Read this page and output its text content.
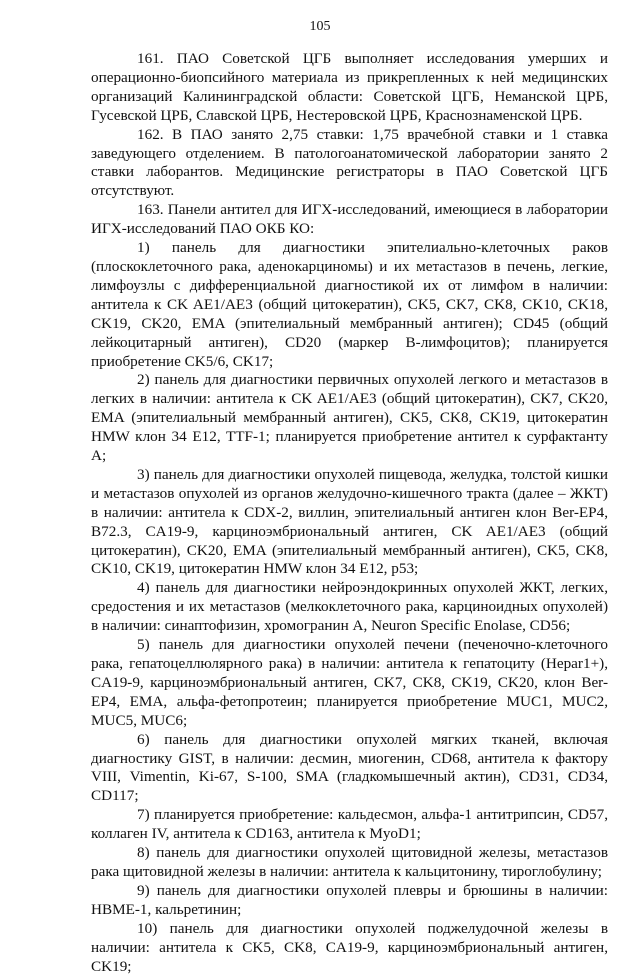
105

161. ПАО Советской ЦГБ выполняет исследования умерших и операционно-биопсийного материала из прикрепленных к ней медицинских организаций Калининградской области: Советской ЦГБ, Неманской ЦРБ, Гусевской ЦРБ, Славской ЦРБ, Нестеровской ЦРБ, Краснознаменской ЦРБ.

162. В ПАО занято 2,75 ставки: 1,75 врачебной ставки и 1 ставка заведующего отделением. В патологоанатомической лаборатории занято 2 ставки лаборантов. Медицинские регистраторы в ПАО Советской ЦГБ отсутствуют.

163. Панели антител для ИГХ-исследований, имеющиеся в лаборатории ИГХ-исследований ПАО ОКБ КО:

1) панель для диагностики эпителиально-клеточных раков (плоскоклеточного рака, аденокарциномы) и их метастазов в печень, легкие, лимфоузлы с дифференциальной диагностикой их от лимфом в наличии: антитела к CK AE1/AE3 (общий цитокератин), CK5, CK7, CK8, CK10, CK18, CK19, CK20, EMA (эпителиальный мембранный антиген); CD45 (общий лейкоцитарный антиген), CD20 (маркер В-лимфоцитов); планируется приобретение CK5/6, CK17;

2) панель для диагностики первичных опухолей легкого и метастазов в легких в наличии: антитела к CK AE1/AE3 (общий цитокератин), CK7, CK20, EMA (эпителиальный мембранный антиген), CK5, CK8, CK19, цитокератин HMW клон 34 E12, TTF-1; планируется приобретение антител к сурфактанту A;

3) панель для диагностики опухолей пищевода, желудка, толстой кишки и метастазов опухолей из органов желудочно-кишечного тракта (далее – ЖКТ) в наличии: антитела к CDX-2, виллин, эпителиальный антиген клон Ber-EP4, B72.3, CA19-9, карциноэмбриональный антиген, CK AE1/AE3 (общий цитокератин), CK20, EMA (эпителиальный мембранный антиген), CK5, CK8, CK10, CK19, цитокератин HMW клон 34 E12, p53;

4) панель для диагностики нейроэндокринных опухолей ЖКТ, легких, средостения и их метастазов (мелкоклеточного рака, карциноидных опухолей) в наличии: синаптофизин, хромогранин A, Neuron Specific Enolase, CD56;

5) панель для диагностики опухолей печени (печеночно-клеточного рака, гепатоцеллюлярного рака) в наличии: антитела к гепатоциту (Hepar1+), CA19-9, карциноэмбриональный антиген, CK7, CK8, CK19, CK20, клон Ber-EP4, EMA, альфа-фетопротеин; планируется приобретение MUC1, MUC2, MUC5, MUC6;

6) панель для диагностики опухолей мягких тканей, включая диагностику GIST, в наличии: десмин, миогенин, CD68, антитела к фактору VIII, Vimentin, Ki-67, S-100, SMA (гладкомышечный актин), CD31, CD34, CD117;

7) планируется приобретение: кальдесмон, альфа-1 антитрипсин, CD57, коллаген IV, антитела к CD163, антитела к MyoD1;

8) панель для диагностики опухолей щитовидной железы, метастазов рака щитовидной железы в наличии: антитела к кальцитонину, тироглобулину;

9) панель для диагностики опухолей плевры и брюшины в наличии: HBME-1, кальретинин;

10) панель для диагностики опухолей поджелудочной железы в наличии: антитела к CK5, CK8, CA19-9, карциноэмбриональный антиген, CK19;
